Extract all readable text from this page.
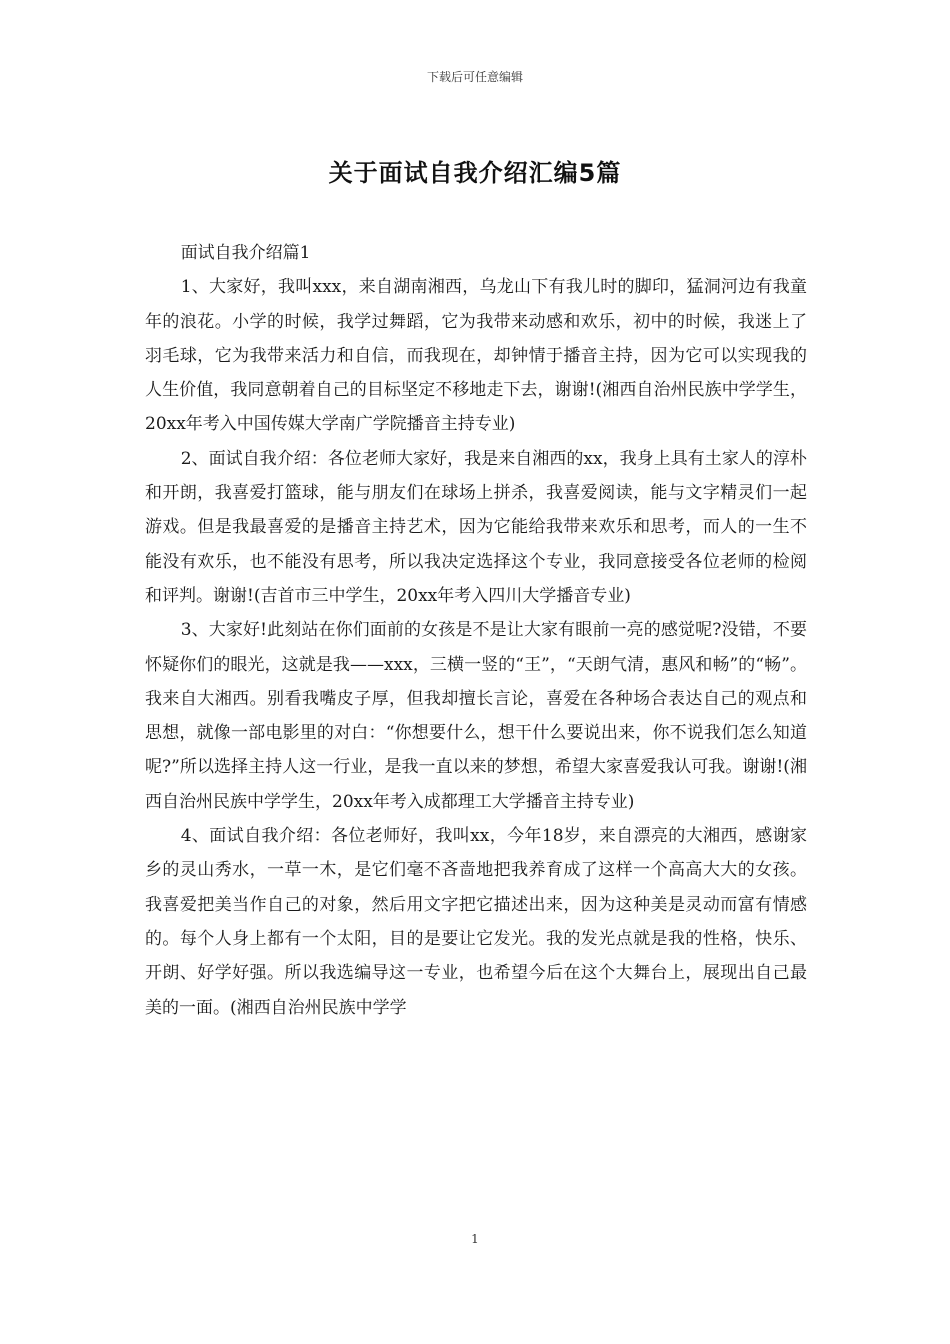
下载后可任意编辑
关于面试自我介绍汇编5篇

面试自我介绍篇1

1、大家好，我叫xxx，来自湖南湘西，乌龙山下有我儿时的脚印，猛洞河边有我童年的浪花。小学的时候，我学过舞蹈，它为我带来动感和欢乐，初中的时候，我迷上了羽毛球，它为我带来活力和自信，而我现在，却钟情于播音主持，因为它可以实现我的人生价值，我同意朝着自己的目标坚定不移地走下去，谢谢!(湘西自治州民族中学学生，20xx年考入中国传媒大学南广学院播音主持专业)

2、面试自我介绍：各位老师大家好，我是来自湘西的xx，我身上具有土家人的淳朴和开朗，我喜爱打篮球，能与朋友们在球场上拼杀，我喜爱阅读，能与文字精灵们一起游戏。但是我最喜爱的是播音主持艺术，因为它能给我带来欢乐和思考，而人的一生不能没有欢乐，也不能没有思考，所以我决定选择这个专业，我同意接受各位老师的检阅和评判。谢谢!(吉首市三中学生，20xx年考入四川大学播音专业)

3、大家好!此刻站在你们面前的女孩是不是让大家有眼前一亮的感觉呢?没错，不要怀疑你们的眼光，这就是我——xxx，三横一竖的“王”，“天朗气清，惠风和畅”的“畅”。我来自大湘西。别看我嘴皮子厚，但我却擅长言论，喜爱在各种场合表达自己的观点和思想，就像一部电影里的对白：“你想要什么，想干什么要说出来，你不说我们怎么知道呢?”所以选择主持人这一行业，是我一直以来的梦想，希望大家喜爱我认可我。谢谢!(湘西自治州民族中学学生，20xx年考入成都理工大学播音主持专业)

4、面试自我介绍：各位老师好，我叫xx，今年18岁，来自漂亮的大湘西，感谢家乡的灵山秀水，一草一木，是它们毫不吝啬地把我养育成了这样一个高高大大的女孩。我喜爱把美当作自己的对象，然后用文字把它描述出来，因为这种美是灵动而富有情感的。每个人身上都有一个太阳，目的是要让它发光。我的发光点就是我的性格，快乐、开朗、好学好强。所以我选编导这一专业，也希望今后在这个大舞台上，展现出自己最美的一面。(湘西自治州民族中学学

1
